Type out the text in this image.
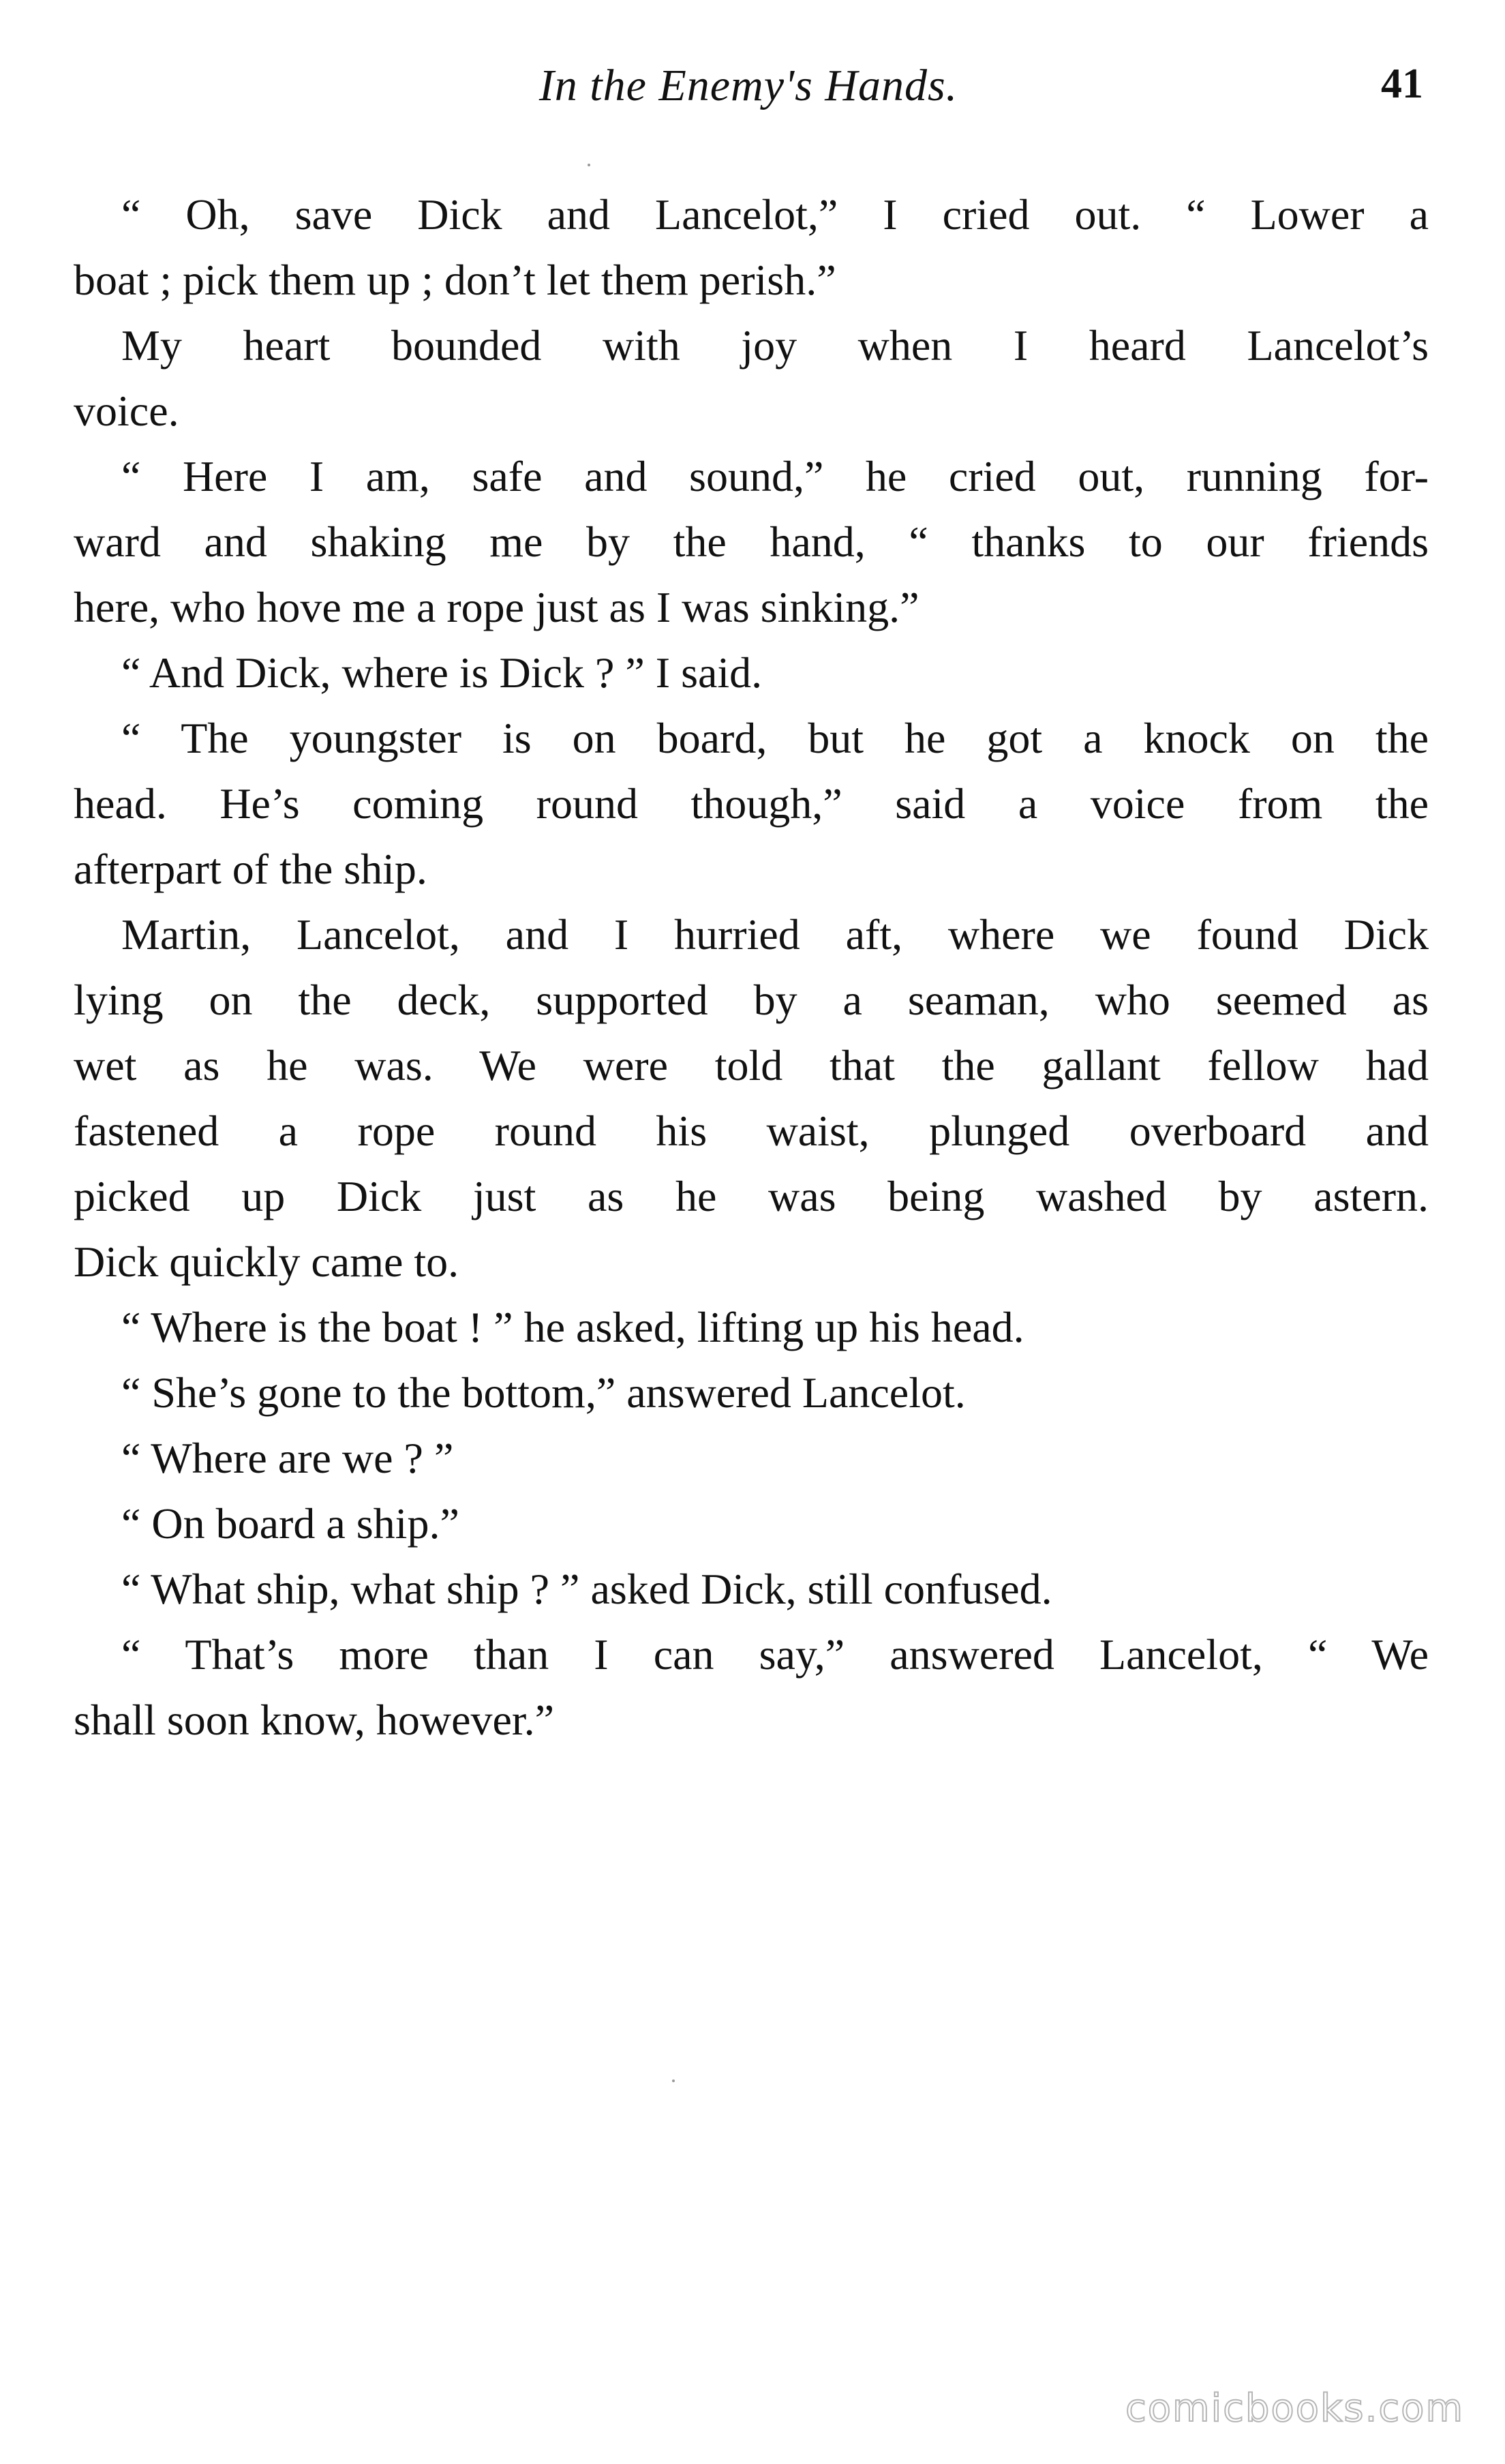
In the Enemy's Hands.	41

“ Oh, save Dick and Lancelot,” I cried out. “ Lower a
boat ; pick them up ; don’t let them perish.”

My heart bounded with joy when I heard Lancelot’s
voice.

“ Here I am, safe and sound,” he cried out, running for-
ward and shaking me by the hand, “ thanks to our friends
here, who hove me a rope just as I was sinking.”

“ And Dick, where is Dick ? ” I said.

“ The youngster is on board, but he got a knock on the
head. He’s coming round though,” said a voice from the
afterpart of the ship.

Martin, Lancelot, and I hurried aft, where we found Dick
lying on the deck, supported by a seaman, who seemed as
wet as he was. We were told that the gallant fellow had
fastened a rope round his waist, plunged overboard and
picked up Dick just as he was being washed by astern.
Dick quickly came to.

“ Where is the boat ! ” he asked, lifting up his head.

“ She’s gone to the bottom,” answered Lancelot.

“ Where are we ? ”

“ On board a ship.”

“ What ship, what ship ? ” asked Dick, still confused.

“ That’s more than I can say,” answered Lancelot, “ We
shall soon know, however.”

comicbooks.com
